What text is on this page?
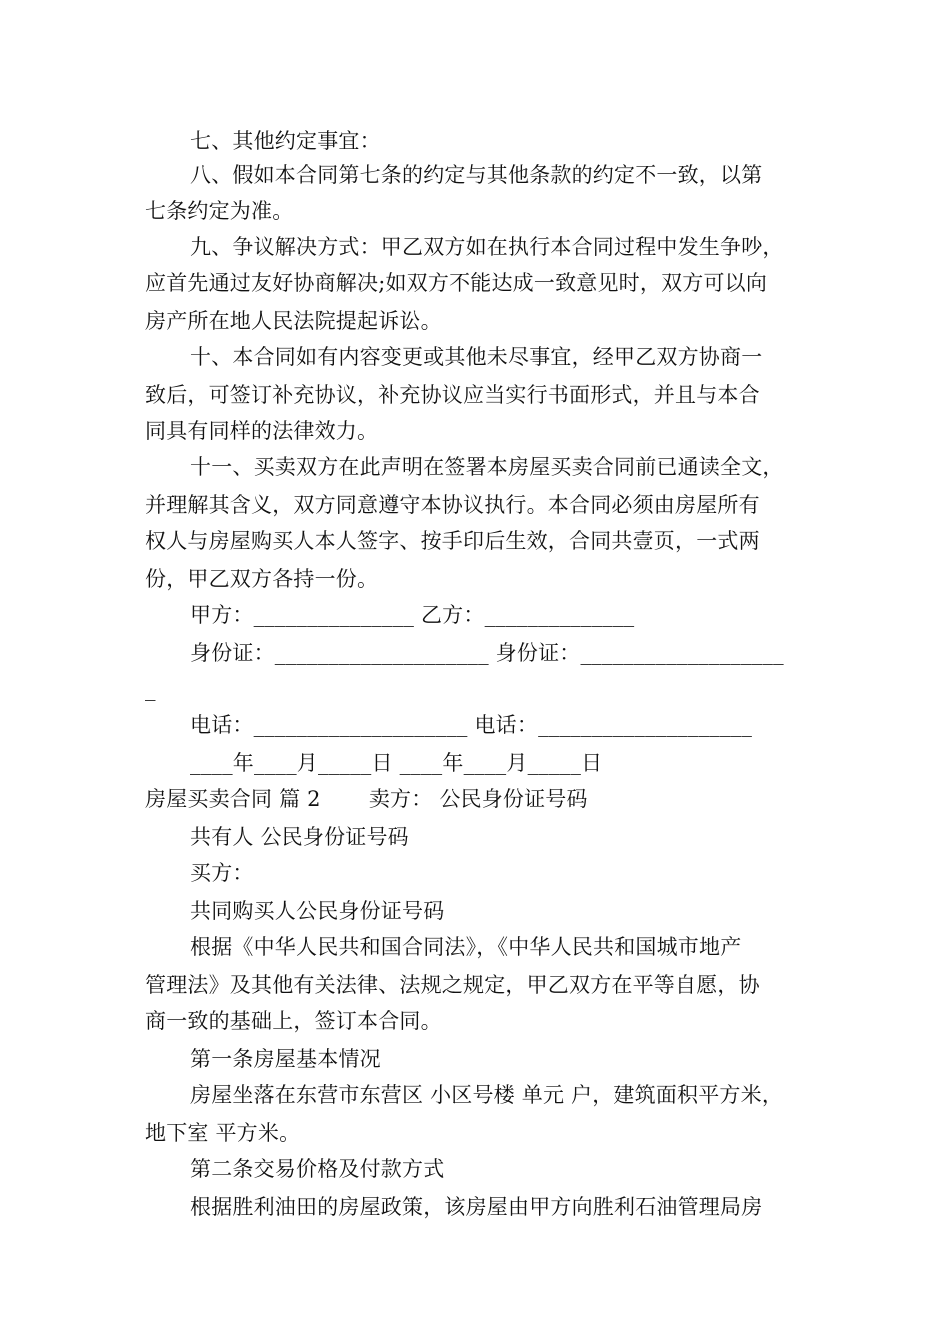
七、其他约定事宜：
八、假如本合同第七条的约定与其他条款的约定不一致，以第
七条约定为准。
九、争议解决方式：甲乙双方如在执行本合同过程中发生争吵，
应首先通过友好协商解决;如双方不能达成一致意见时，双方可以向
房产所在地人民法院提起诉讼。
十、本合同如有内容变更或其他未尽事宜，经甲乙双方协商一
致后，可签订补充协议，补充协议应当实行书面形式，并且与本合
同具有同样的法律效力。
十一、买卖双方在此声明在签署本房屋买卖合同前已通读全文，
并理解其含义，双方同意遵守本协议执行。本合同必须由房屋所有
权人与房屋购买人本人签字、按手印后生效，合同共壹页，一式两
份，甲乙双方各持一份。
甲方：_______________ 乙方：______________
身份证：____________________ 身份证：___________________
_
电话：____________________ 电话：____________________
____年____月_____日 ____年____月_____日
房屋买卖合同 篇 2       卖方： 公民身份证号码
共有人 公民身份证号码
买方：
共同购买人公民身份证号码
根据《中华人民共和国合同法》，《中华人民共和国城市地产
管理法》及其他有关法律、法规之规定，甲乙双方在平等自愿，协
商一致的基础上，签订本合同。
第一条房屋基本情况
房屋坐落在东营市东营区 小区号楼 单元 户，建筑面积平方米，
地下室 平方米。
第二条交易价格及付款方式
根据胜利油田的房屋政策，该房屋由甲方向胜利石油管理局房
